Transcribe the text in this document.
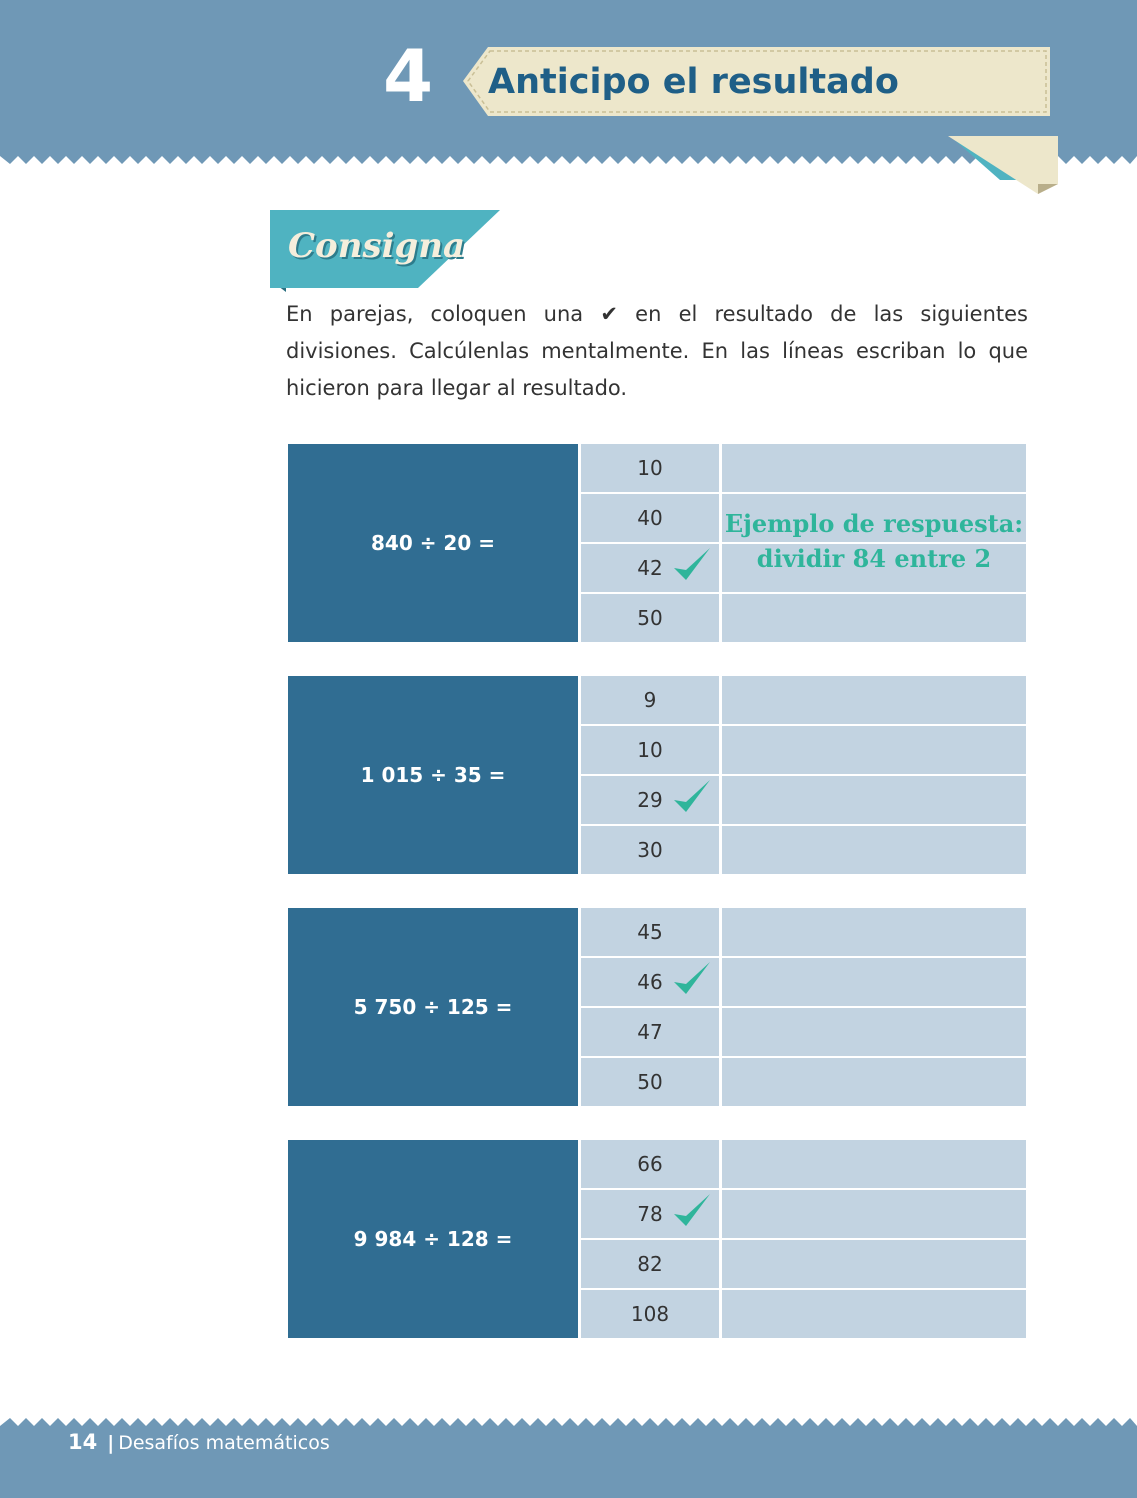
4 Anticipo el resultado
Consigna

En parejas, coloquen una ✔ en el resultado de las siguientes divisiones. Calcúlenlas mentalmente. En las líneas escriban lo que hicieron para llegar al resultado.

840 ÷ 20 =
10
40
42
50
Ejemplo de respuesta:
dividir 84 entre 2
1 015 ÷ 35 =
9
10
29
30
5 750 ÷ 125 =
45
46
47
50
9 984 ÷ 128 =
66
78
82
108
14 | Desafíos matemáticos
